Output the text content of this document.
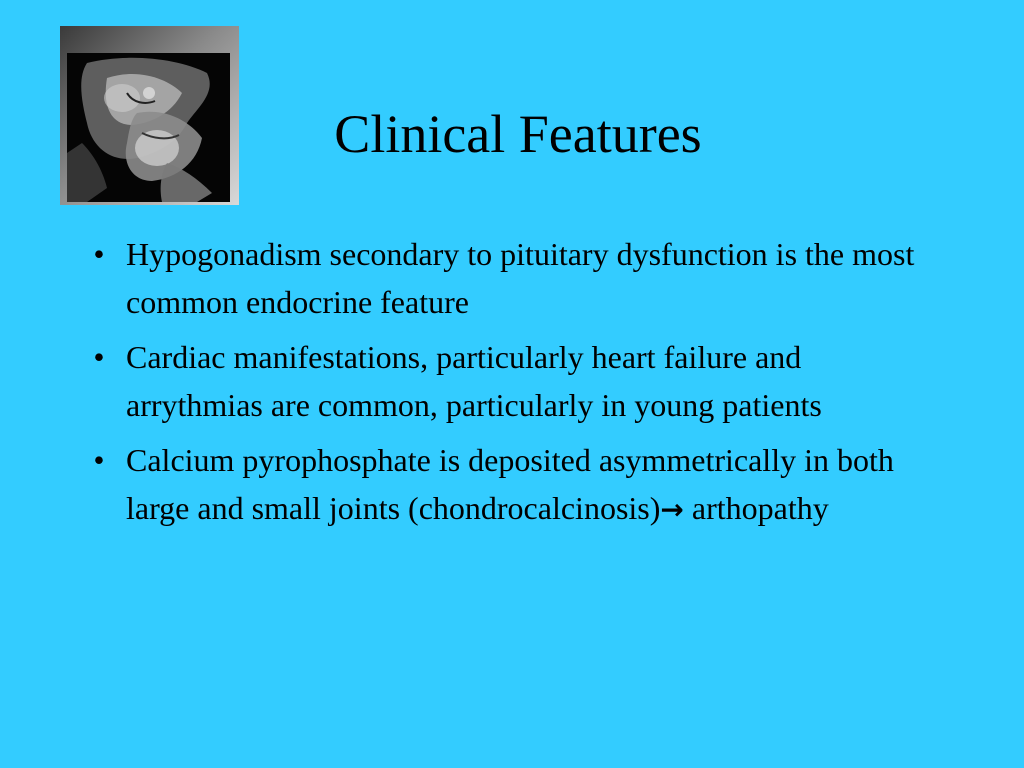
Clinical Features
• Hypogonadism secondary to pituitary dysfunction is the most common endocrine feature
• Cardiac manifestations, particularly heart failure and arrythmias are common, particularly in young patients
• Calcium pyrophosphate is deposited asymmetrically in both large and small joints (chondrocalcinosis)→ arthopathy
